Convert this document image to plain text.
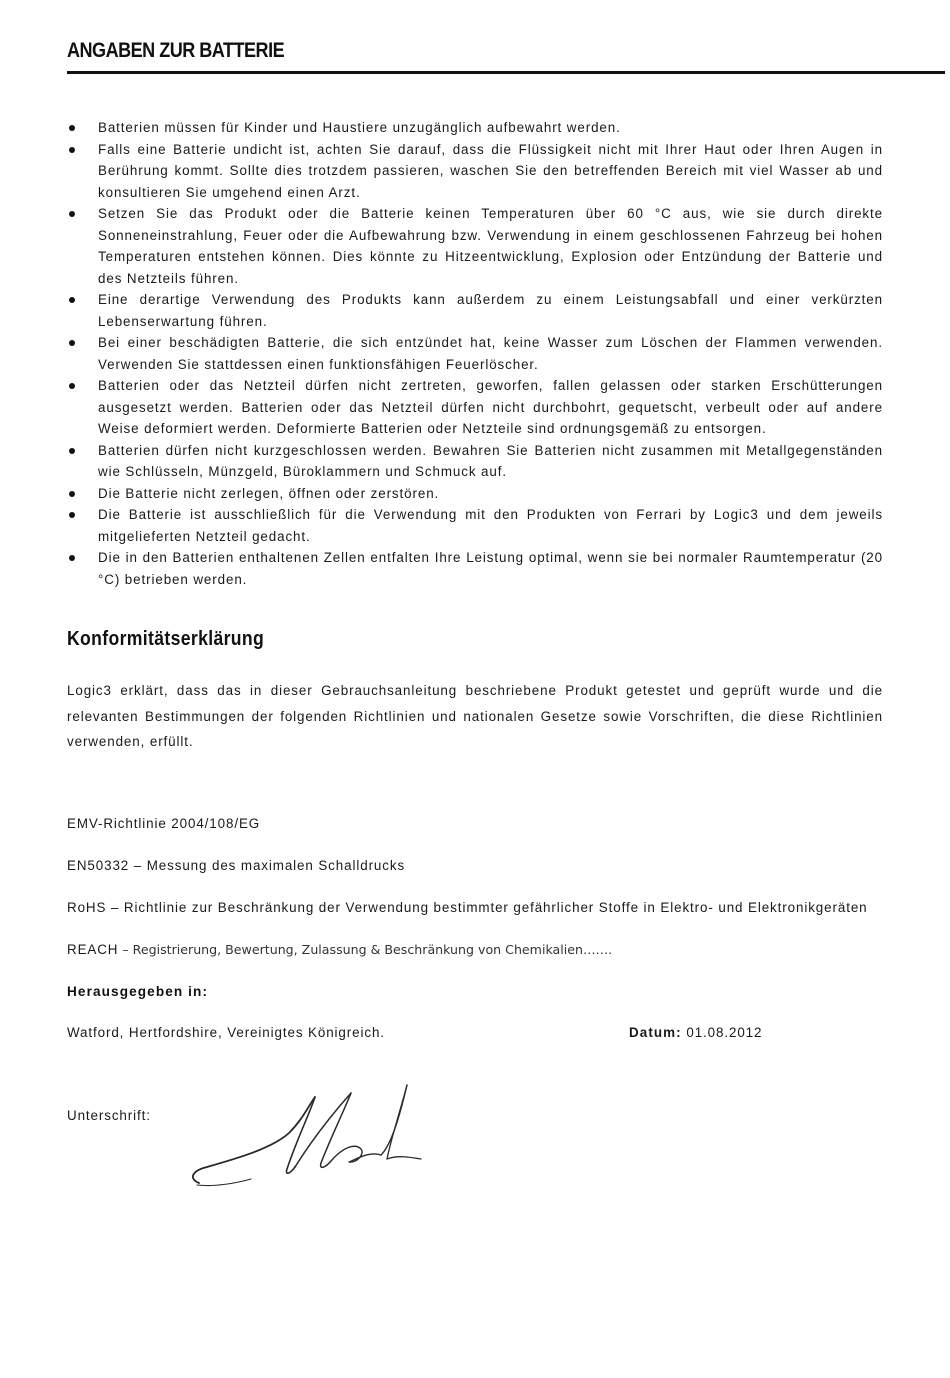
ANGABEN ZUR BATTERIE
Batterien müssen für Kinder und Haustiere unzugänglich aufbewahrt werden.
Falls eine Batterie undicht ist, achten Sie darauf, dass die Flüssigkeit nicht mit Ihrer Haut oder Ihren Augen in Berührung kommt. Sollte dies trotzdem passieren, waschen Sie den betreffenden Bereich mit viel Wasser ab und konsultieren Sie umgehend einen Arzt.
Setzen Sie das Produkt oder die Batterie keinen Temperaturen über 60 °C aus, wie sie durch direkte Sonneneinstrahlung, Feuer oder die Aufbewahrung bzw. Verwendung in einem geschlossenen Fahrzeug bei hohen Temperaturen entstehen können. Dies könnte zu Hitzeentwicklung, Explosion oder Entzündung der Batterie und des Netzteils führen.
Eine derartige Verwendung des Produkts kann außerdem zu einem Leistungsabfall und einer verkürzten Lebenserwartung führen.
Bei einer beschädigten Batterie, die sich entzündet hat, keine Wasser zum Löschen der Flammen verwenden. Verwenden Sie stattdessen einen funktionsfähigen Feuerlöscher.
Batterien oder das Netzteil dürfen nicht zertreten, geworfen, fallen gelassen oder starken Erschütterungen ausgesetzt werden. Batterien oder das Netzteil dürfen nicht durchbohrt, gequetscht, verbeult oder auf andere Weise deformiert werden. Deformierte Batterien oder Netzteile sind ordnungsgemäß zu entsorgen.
Batterien dürfen nicht kurzgeschlossen werden. Bewahren Sie Batterien nicht zusammen mit Metallgegenständen wie Schlüsseln, Münzgeld, Büroklammern und Schmuck auf.
Die Batterie nicht zerlegen, öffnen oder zerstören.
Die Batterie ist ausschließlich für die Verwendung mit den Produkten von Ferrari by Logic3 und dem jeweils mitgelieferten Netzteil gedacht.
Die in den Batterien enthaltenen Zellen entfalten Ihre Leistung optimal, wenn sie bei normaler Raumtemperatur (20 °C) betrieben werden.
Konformitätserklärung

Logic3 erklärt, dass das in dieser Gebrauchsanleitung beschriebene Produkt getestet und geprüft wurde und die relevanten Bestimmungen der folgenden Richtlinien und nationalen Gesetze sowie Vorschriften, die diese Richtlinien verwenden, erfüllt.

EMV-Richtlinie 2004/108/EG
EN50332 – Messung des maximalen Schalldrucks
RoHS – Richtlinie zur Beschränkung der Verwendung bestimmter gefährlicher Stoffe in Elektro- und Elektronikgeräten
REACH – Registrierung, Bewertung, Zulassung & Beschränkung von Chemikalien…….
Herausgegeben in:
Watford, Hertfordshire, Vereinigtes Königreich.	Datum: 01.08.2012
Unterschrift:
